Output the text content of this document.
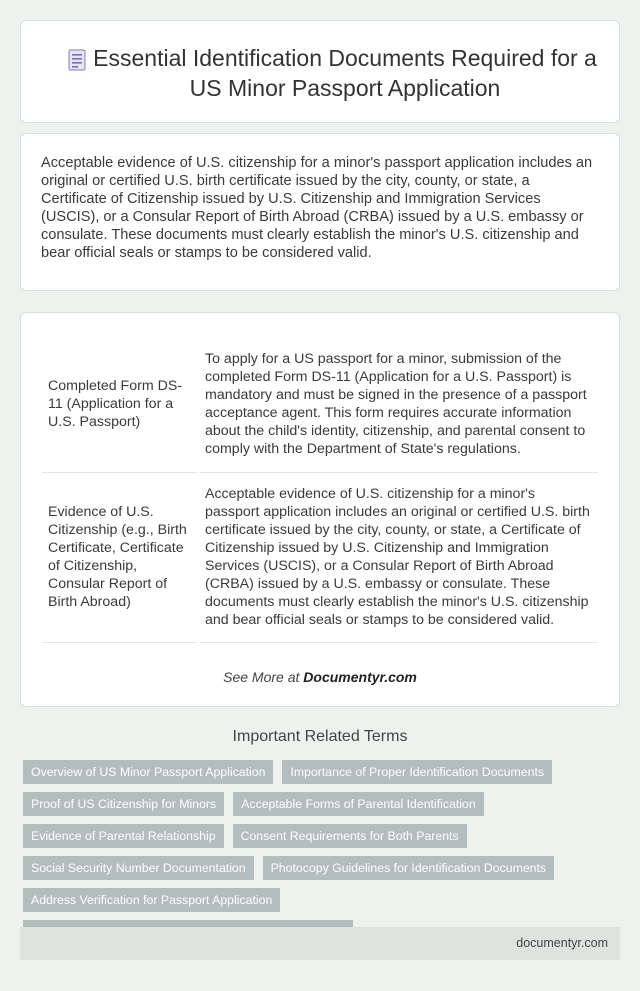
Essential Identification Documents Required for a US Minor Passport Application

Acceptable evidence of U.S. citizenship for a minor's passport application includes an original or certified U.S. birth certificate issued by the city, county, or state, a Certificate of Citizenship issued by U.S. Citizenship and Immigration Services (USCIS), or a Consular Report of Birth Abroad (CRBA) issued by a U.S. embassy or consulate. These documents must clearly establish the minor's U.S. citizenship and bear official seals or stamps to be considered valid.

Completed Form DS-11 (Application for a U.S. Passport)	To apply for a US passport for a minor, submission of the completed Form DS-11 (Application for a U.S. Passport) is mandatory and must be signed in the presence of a passport acceptance agent. This form requires accurate information about the child's identity, citizenship, and parental consent to comply with the Department of State's regulations.
Evidence of U.S. Citizenship (e.g., Birth Certificate, Certificate of Citizenship, Consular Report of Birth Abroad)	Acceptable evidence of U.S. citizenship for a minor's passport application includes an original or certified U.S. birth certificate issued by the city, county, or state, a Certificate of Citizenship issued by U.S. Citizenship and Immigration Services (USCIS), or a Consular Report of Birth Abroad (CRBA) issued by a U.S. embassy or consulate. These documents must clearly establish the minor's U.S. citizenship and bear official seals or stamps to be considered valid.
See More at Documentyr.com
Important Related Terms
Overview of US Minor Passport Application	Importance of Proper Identification Documents
Proof of US Citizenship for Minors	Acceptable Forms of Parental Identification
Evidence of Parental Relationship	Consent Requirements for Both Parents
Social Security Number Documentation	Photocopy Guidelines for Identification Documents
Address Verification for Passport Application
documentyr.com
